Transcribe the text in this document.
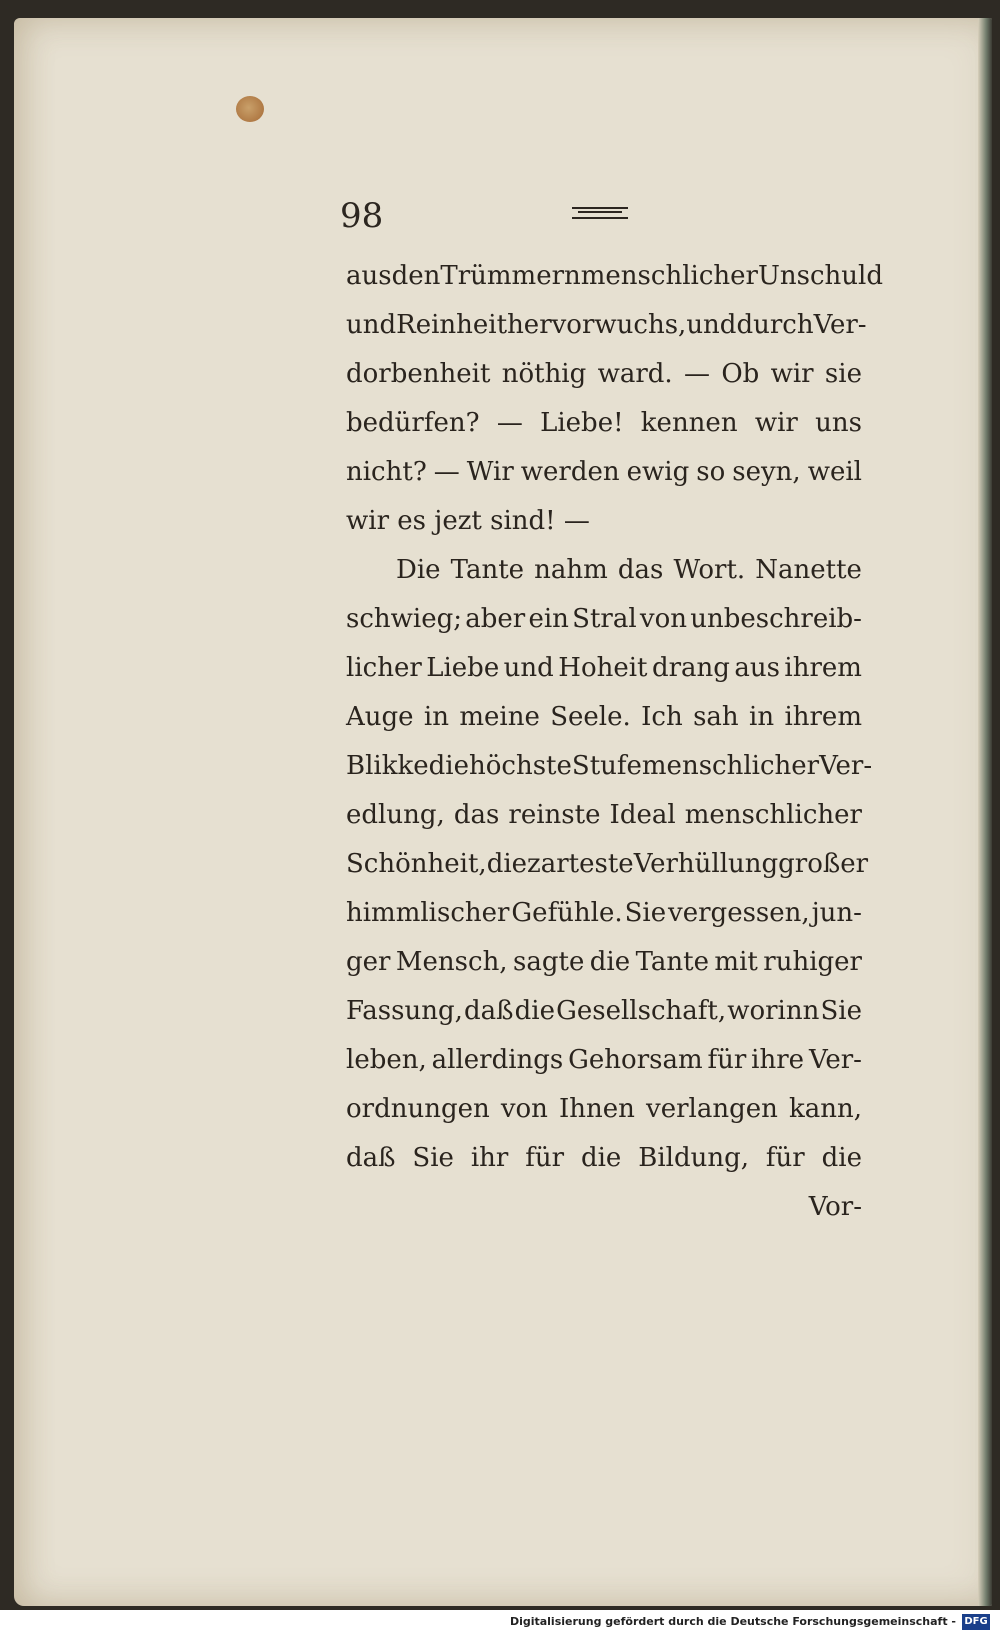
98

aus den Trümmern menschlicher Unschuld
und Reinheit hervorwuchs, und durch Ver-
dorbenheit nöthig ward. — Ob wir sie
bedürfen? — Liebe! kennen wir uns
nicht? — Wir werden ewig so seyn, weil
wir es jezt sind! —
Die Tante nahm das Wort. Nanette
schwieg; aber ein Stral von unbeschreib-
licher Liebe und Hoheit drang aus ihrem
Auge in meine Seele. Ich sah in ihrem
Blikke die höchste Stufe menschlicher Ver-
edlung, das reinste Ideal menschlicher
Schönheit, die zarteste Verhüllung großer
himmlischer Gefühle. Sie vergessen, jun-
ger Mensch, sagte die Tante mit ruhiger
Fassung, daß die Gesellschaft, worinn Sie
leben, allerdings Gehorsam für ihre Ver-
ordnungen von Ihnen verlangen kann,
daß Sie ihr für die Bildung, für die
Vor-
Digitalisierung gefördert durch die Deutsche Forschungsgemeinschaft - DFG
